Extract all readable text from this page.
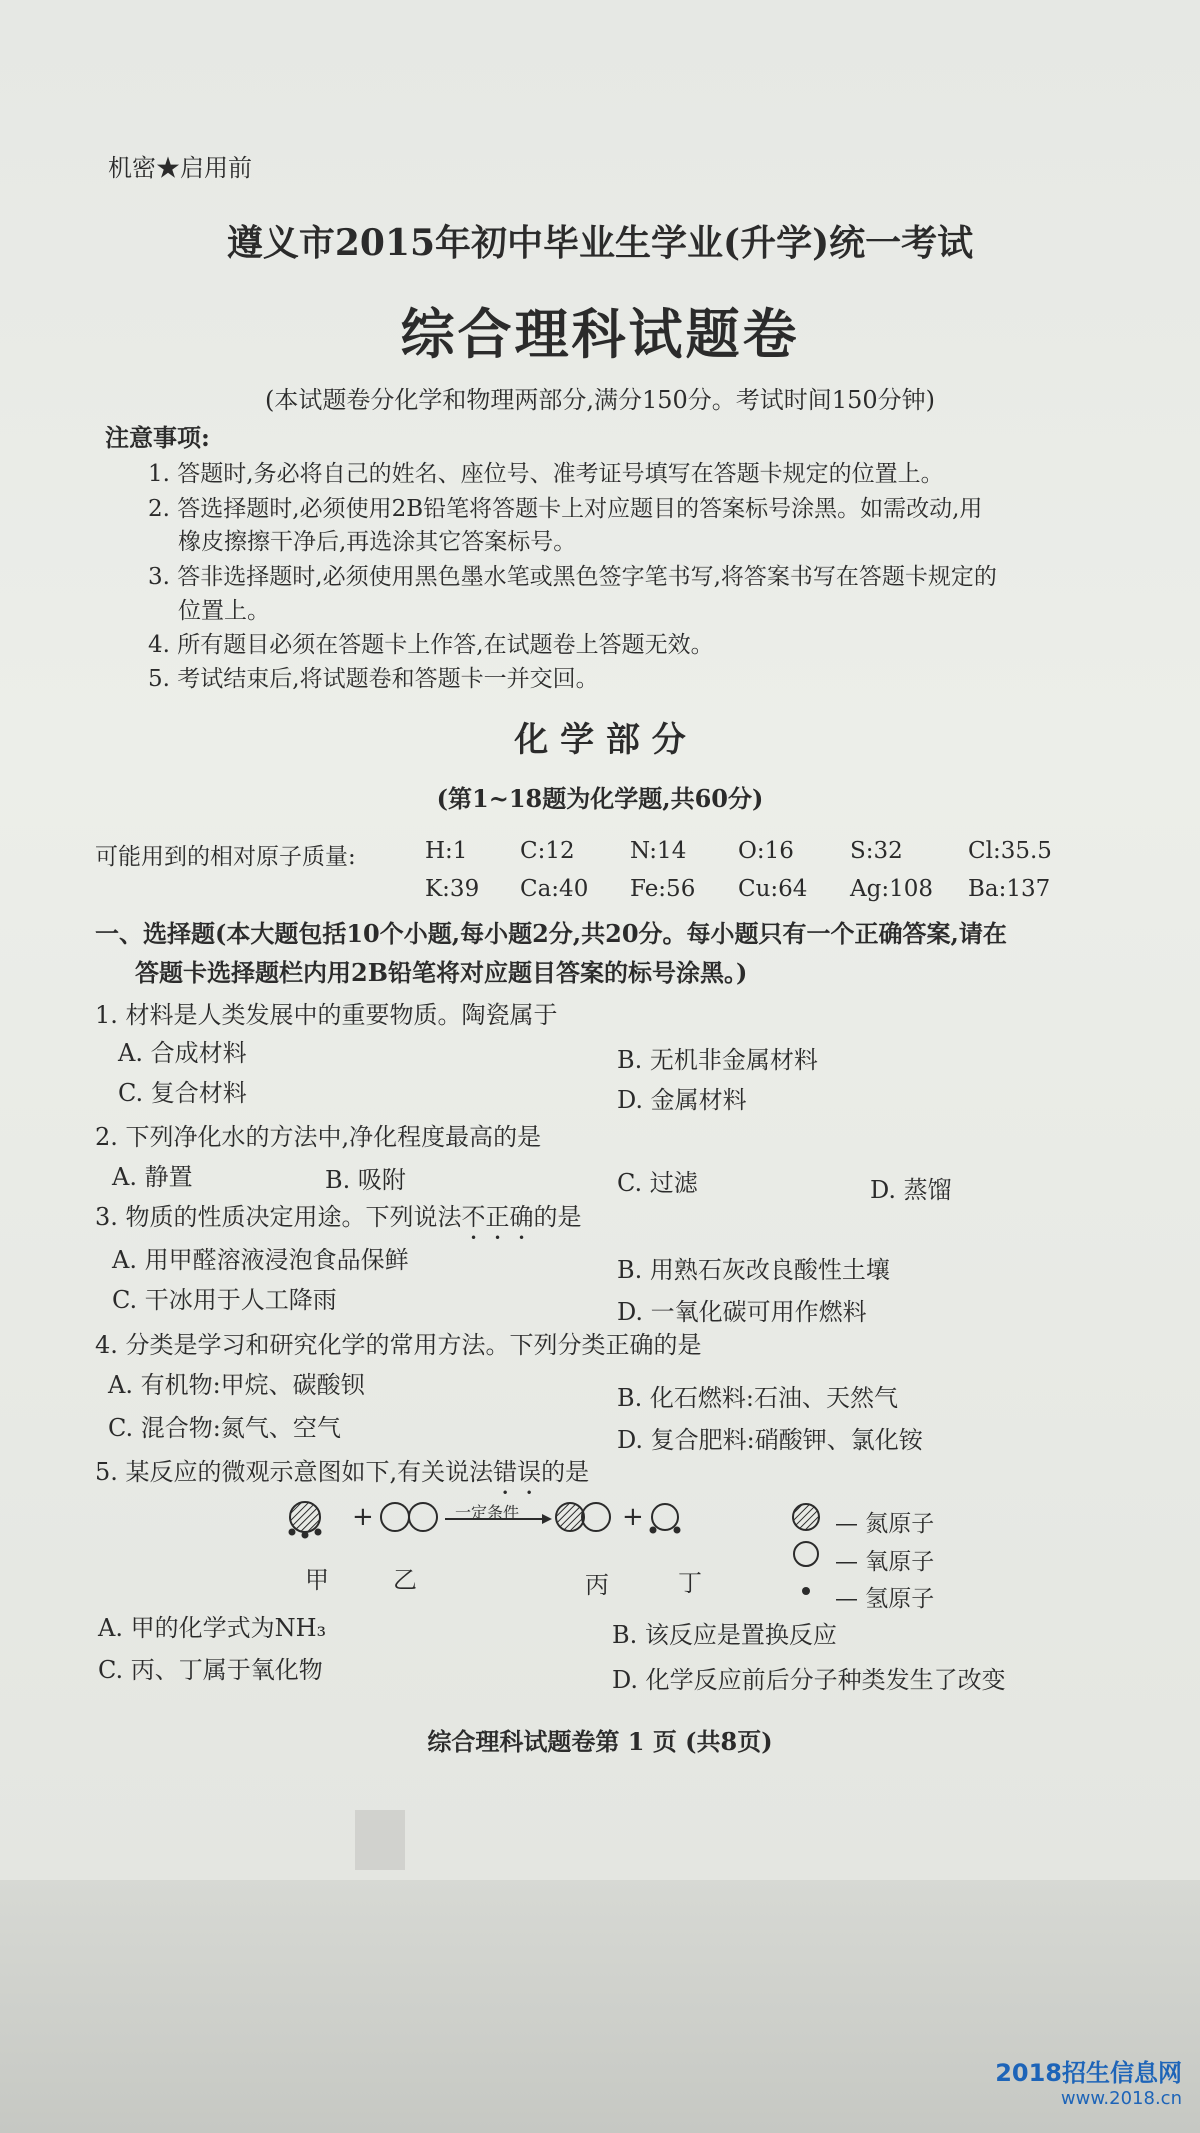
机密★启用前
遵义市2015年初中毕业生学业(升学)统一考试
综合理科试题卷
(本试题卷分化学和物理两部分,满分150分。考试时间150分钟)
注意事项:
1. 答题时,务必将自己的姓名、座位号、准考证号填写在答题卡规定的位置上。
2. 答选择题时,必须使用2B铅笔将答题卡上对应题目的答案标号涂黑。如需改动,用
橡皮擦擦干净后,再选涂其它答案标号。
3. 答非选择题时,必须使用黑色墨水笔或黑色签字笔书写,将答案书写在答题卡规定的
位置上。
4. 所有题目必须在答题卡上作答,在试题卷上答题无效。
5. 考试结束后,将试题卷和答题卡一并交回。
化 学 部 分
(第1~18题为化学题,共60分)
可能用到的相对原子质量:	H:1 C:12 N:14 O:16 S:32	Cl:35.5
K:39 Ca:40 Fe:56 Cu:64 Ag:108 Ba:137
一、选择题(本大题包括10个小题,每小题2分,共20分。每小题只有一个正确答案,请在
答题卡选择题栏内用2B铅笔将对应题目答案的标号涂黑。)
1. 材料是人类发展中的重要物质。陶瓷属于
A. 合成材料	B. 无机非金属材料
C. 复合材料	D. 金属材料
2. 下列净化水的方法中,净化程度最高的是
A. 静置	B. 吸附	C. 过滤	D. 蒸馏
3. 物质的性质决定用途。下列说法不正确的是
A. 用甲醛溶液浸泡食品保鲜	B. 用熟石灰改良酸性土壤
C. 干冰用于人工降雨	D. 一氧化碳可用作燃料
4. 分类是学习和研究化学的常用方法。下列分类正确的是
A. 有机物:甲烷、碳酸钡	B. 化石燃料:石油、天然气
C. 混合物:氮气、空气	D. 复合肥料:硝酸钾、氯化铵
5. 某反应的微观示意图如下,有关说法错误的是
+	+
一定条件
甲	乙	丙	丁
— 氮原子
— 氧原子
— 氢原子
A. 甲的化学式为NH₃	B. 该反应是置换反应
C. 丙、丁属于氧化物	D. 化学反应前后分子种类发生了改变
综合理科试题卷第 1 页 (共8页)
2018招生信息网
www.2018.cn
